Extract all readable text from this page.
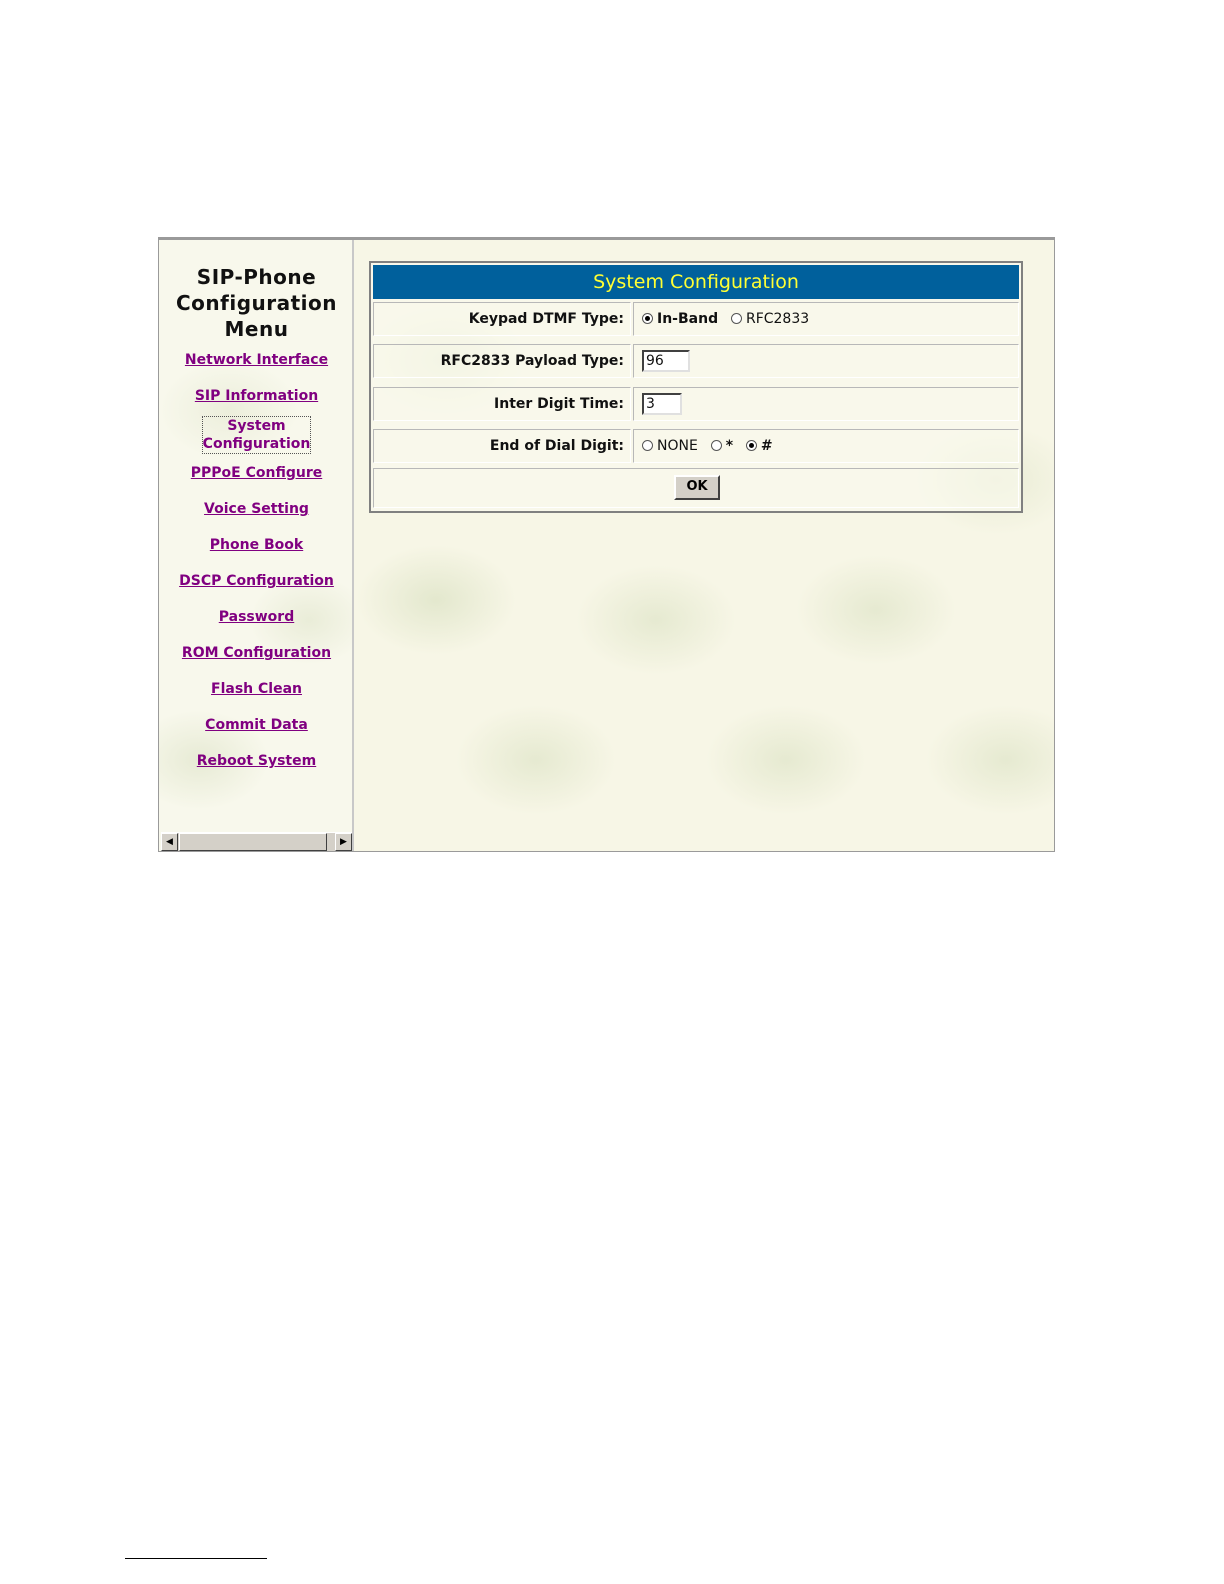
SIP-Phone
Configuration
Menu
Network Interface
SIP Information
System
Configuration
PPPoE Configure
Voice Setting
Phone Book
DSCP Configuration
Password
ROM Configuration
Flash Clean
Commit Data
Reboot System
◀	▶
System Configuration
Keypad DTMF Type:	In-Band RFC2833
RFC2833 Payload Type:	96
Inter Digit Time:	3
End of Dial Digit:	NONE * #
OK
